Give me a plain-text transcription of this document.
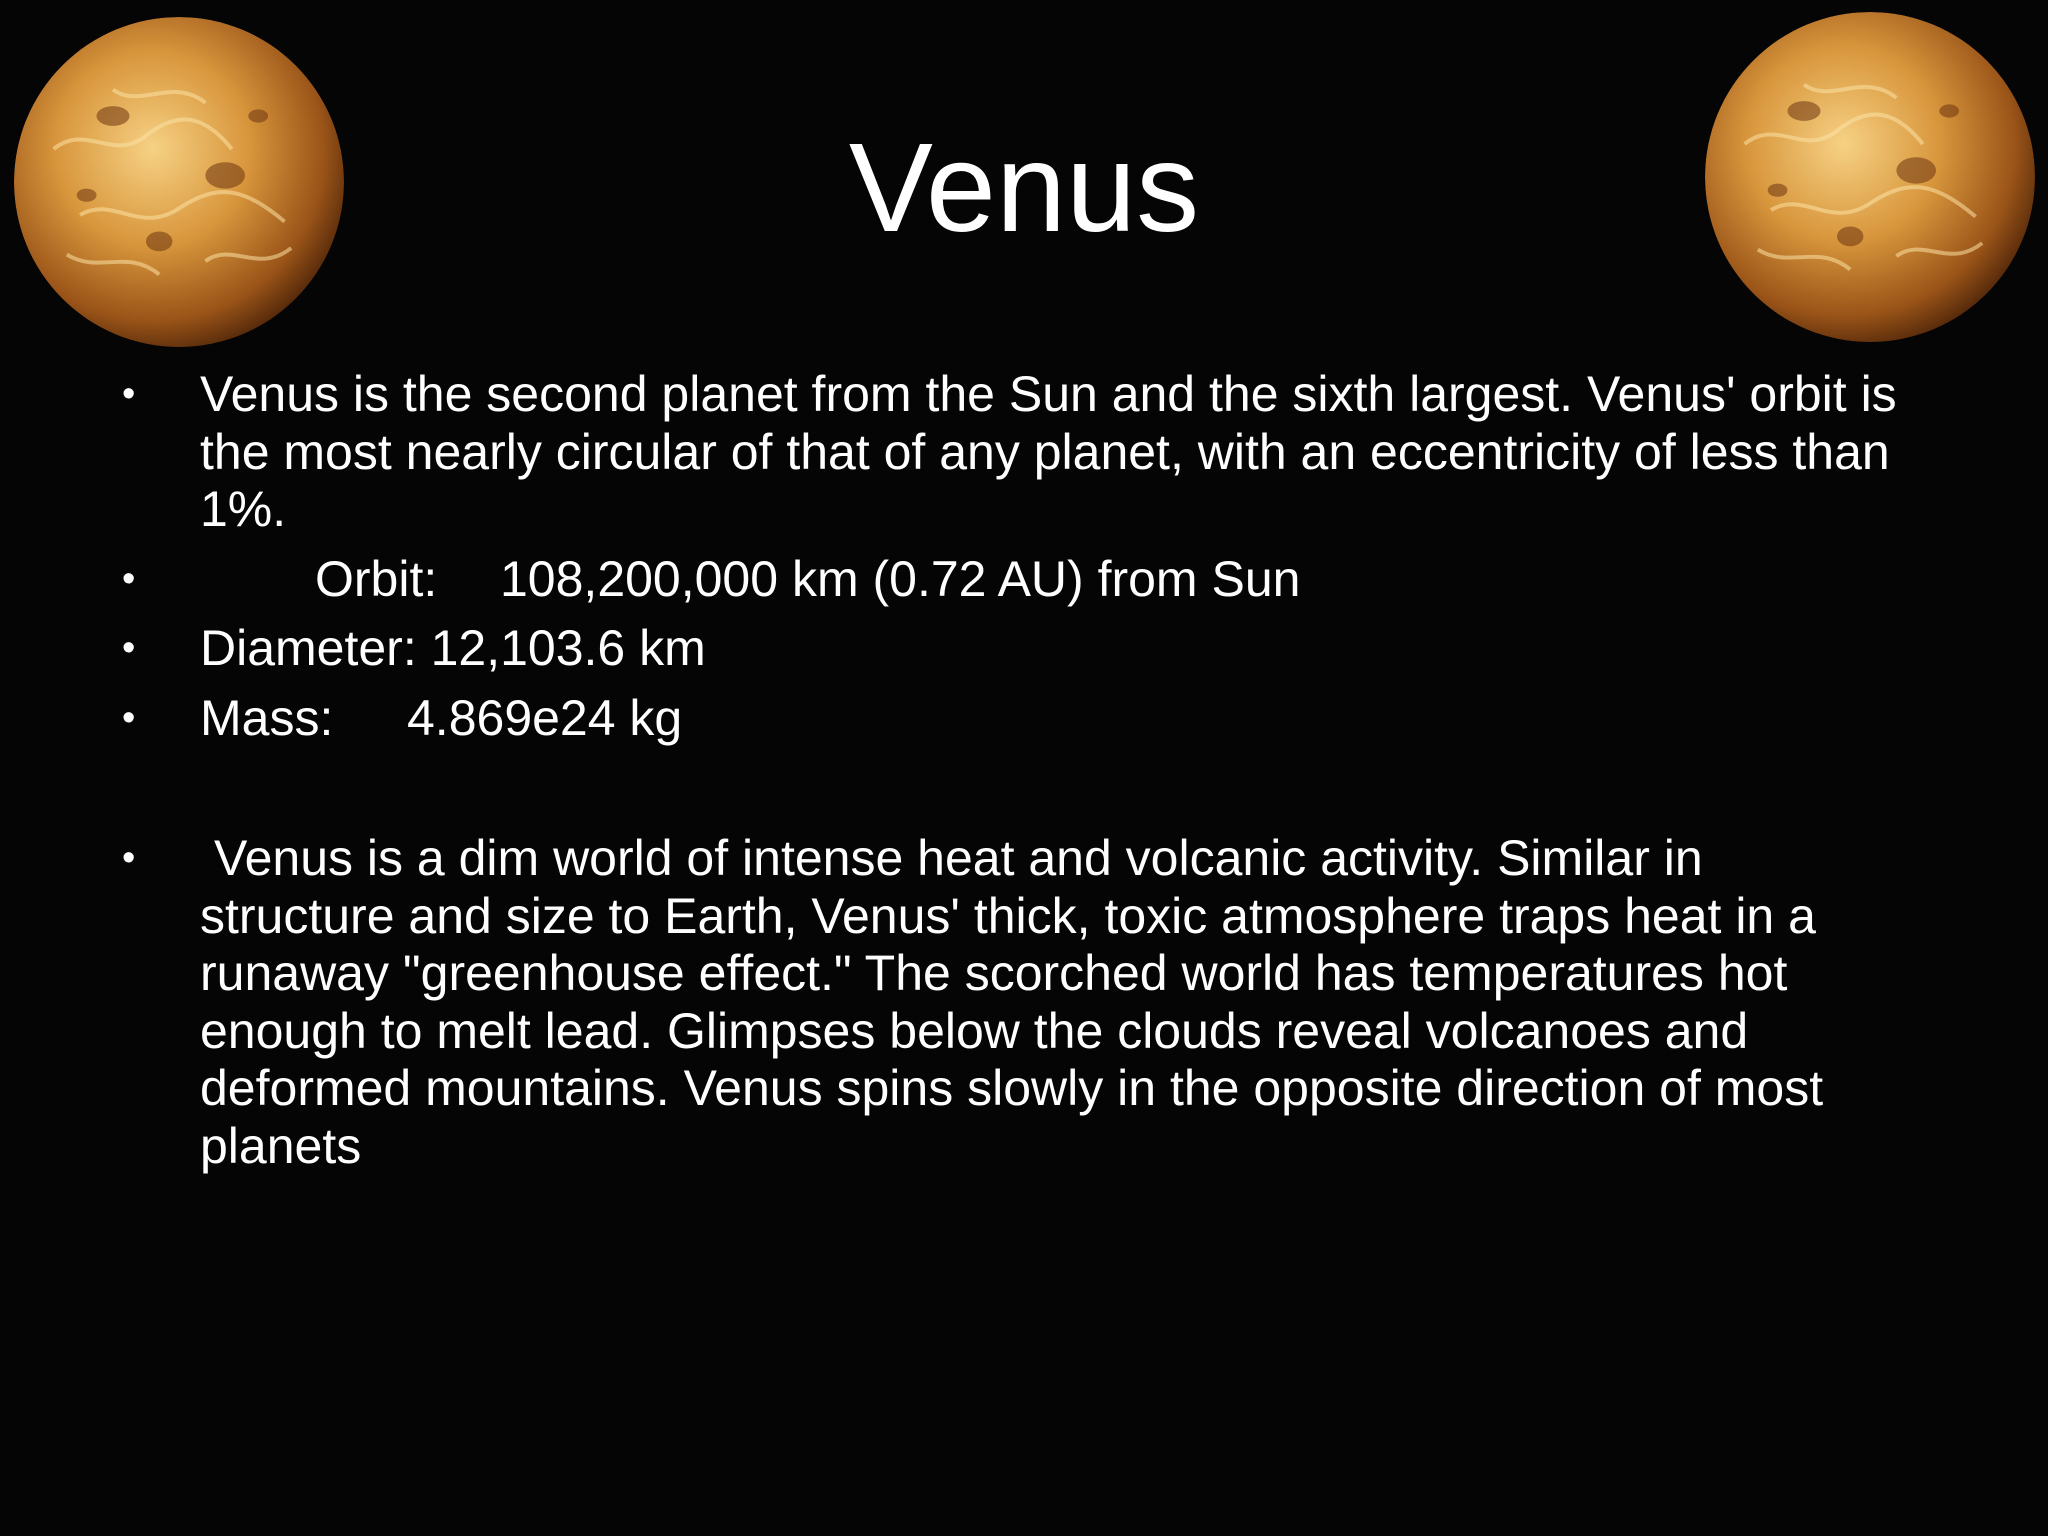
Venus
• Venus is the second planet from the Sun and the sixth largest. Venus' orbit is the most nearly circular of that of any planet, with an eccentricity of less than 1%.
•	Orbit: 108,200,000 km (0.72 AU) from Sun
• Diameter: 12,103.6 km
• Mass: 4.869e24 kg
• Venus is a dim world of intense heat and volcanic activity. Similar in structure and size to Earth, Venus' thick, toxic atmosphere traps heat in a runaway "greenhouse effect." The scorched world has temperatures hot enough to melt lead. Glimpses below the clouds reveal volcanoes and deformed mountains. Venus spins slowly in the opposite direction of most planets
